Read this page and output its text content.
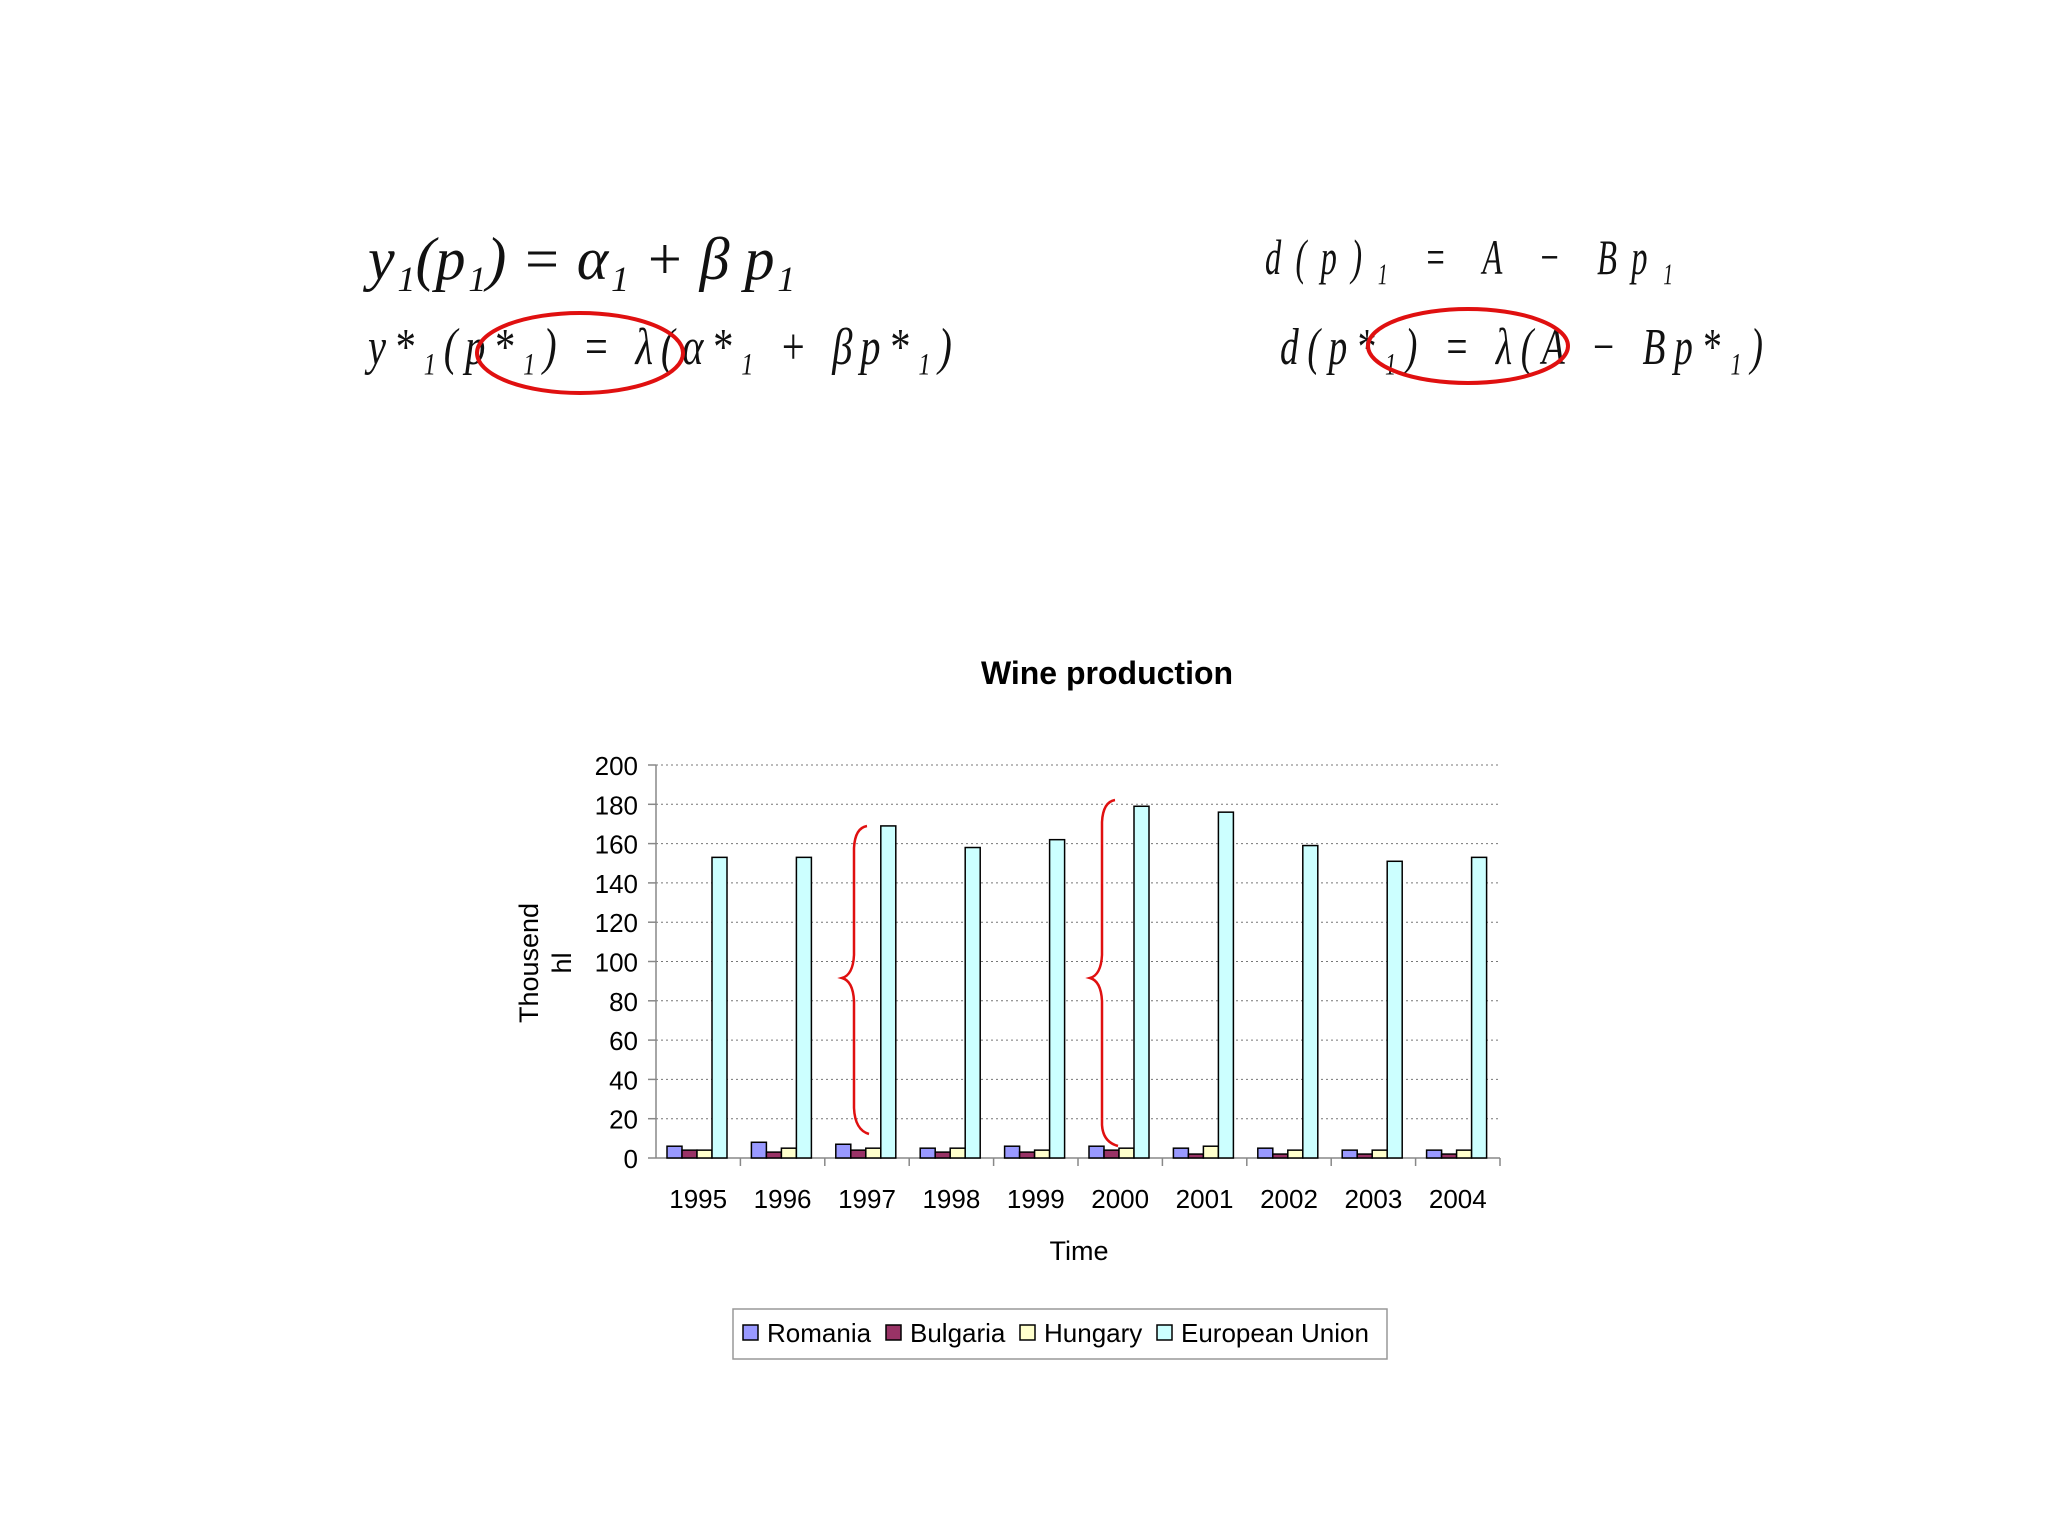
y₁(p₁) = α₁ + β p₁
y*₁(p*₁) = λ(α*₁ + βp*₁)
d(p)₁ = A − Bp₁
d(p*₁) = λ(A − Bp*₁)
Wine production
0
20
40
60
80
100
120
140
160
180
200
1995 1996 1997 1998 1999 2000 2001 2002 2003 2004
Thousend hl
Time
Romania Bulgaria Hungary European Union
